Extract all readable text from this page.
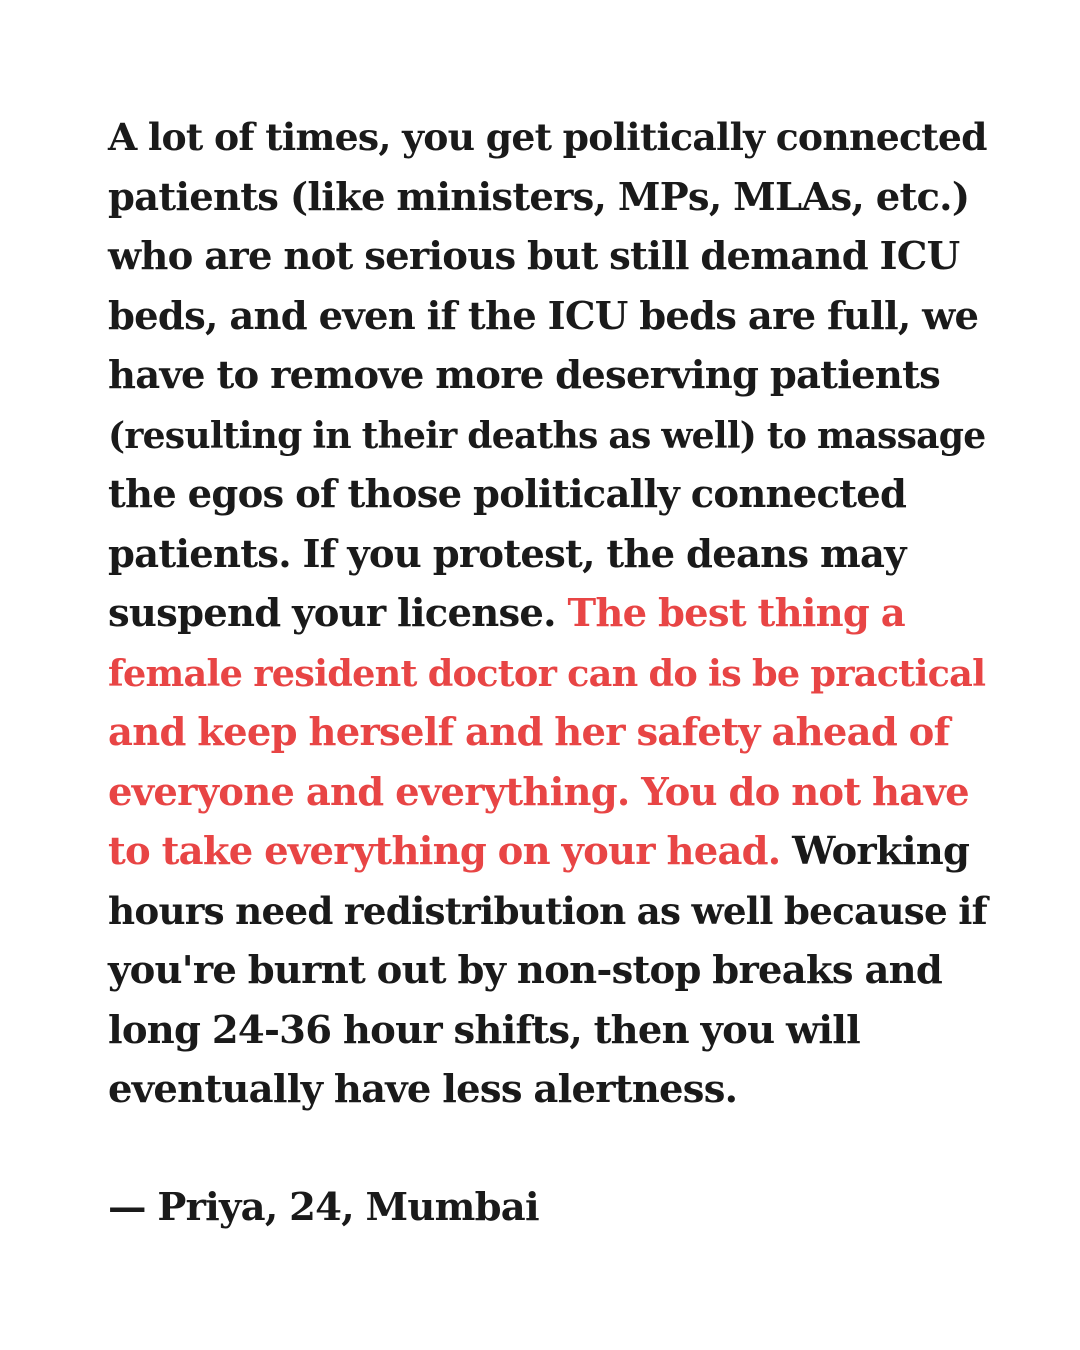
A lot of times, you get politically connected
patients (like ministers, MPs, MLAs, etc.)
who are not serious but still demand ICU
beds, and even if the ICU beds are full, we
have to remove more deserving patients
(resulting in their deaths as well) to massage
the egos of those politically connected
patients. If you protest, the deans may
suspend your license. The best thing a
female resident doctor can do is be practical
and keep herself and her safety ahead of
everyone and everything. You do not have
to take everything on your head. Working
hours need redistribution as well because if
you're burnt out by non-stop breaks and
long 24-36 hour shifts, then you will
eventually have less alertness.

— Priya, 24, Mumbai
